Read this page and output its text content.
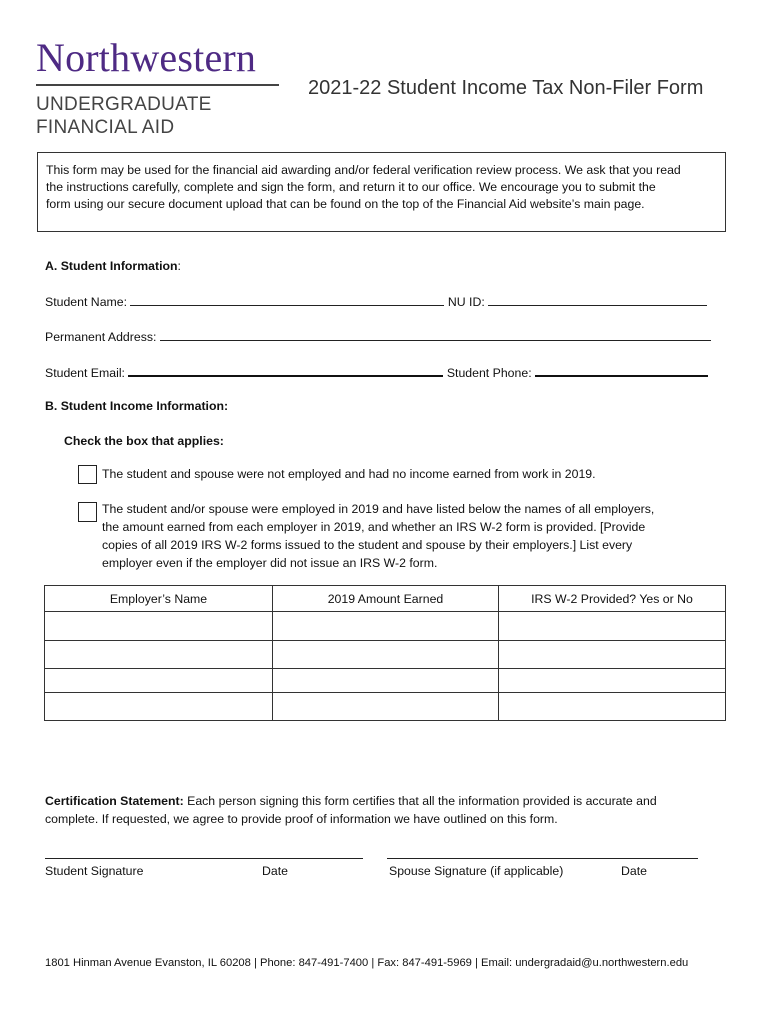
Northwestern
UNDERGRADUATE
FINANCIAL AID
2021-22 Student Income Tax Non-Filer Form
This form may be used for the financial aid awarding and/or federal verification review process. We ask that you read
the instructions carefully, complete and sign the form, and return it to our office. We encourage you to submit the
form using our secure document upload that can be found on the top of the Financial Aid website’s main page.
A. Student Information:
Student Name:	NU ID:
Permanent Address:
Student Email:	Student Phone:
B. Student Income Information:
Check the box that applies:
The student and spouse were not employed and had no income earned from work in 2019.
The student and/or spouse were employed in 2019 and have listed below the names of all employers,
the amount earned from each employer in 2019, and whether an IRS W-2 form is provided. [Provide
copies of all 2019 IRS W-2 forms issued to the student and spouse by their employers.] List every
employer even if the employer did not issue an IRS W-2 form.
Employer’s Name	2019 Amount Earned	IRS W-2 Provided? Yes or No

Certification Statement: Each person signing this form certifies that all the information provided is accurate and
complete. If requested, we agree to provide proof of information we have outlined on this form.
Student Signature	Date	Spouse Signature (if applicable)	Date
1801 Hinman Avenue Evanston, IL 60208 | Phone: 847-491-7400 | Fax: 847-491-5969 | Email: undergradaid@u.northwestern.edu
